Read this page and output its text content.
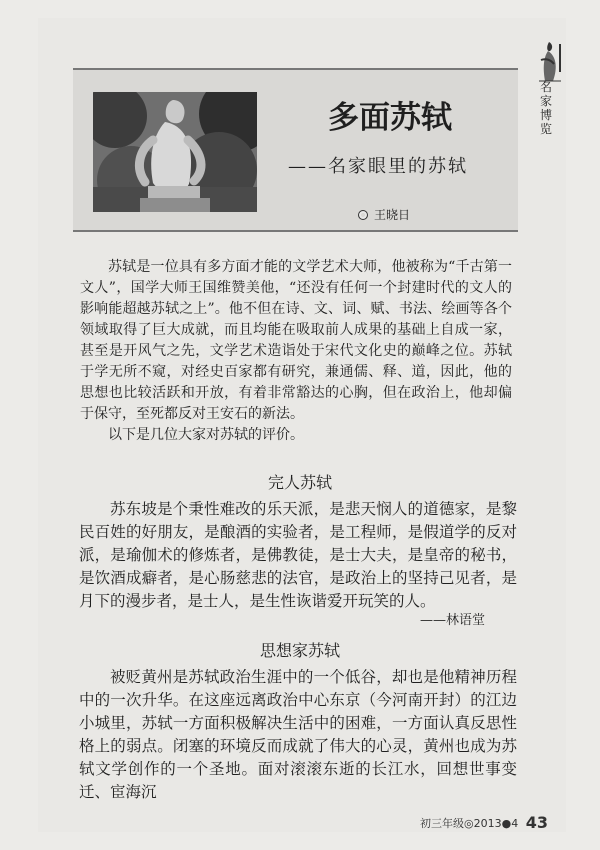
名家博览
多面苏轼
——名家眼里的苏轼
王晓日

苏轼是一位具有多方面才能的文学艺术大师，他被称为“千古第一文人”，国学大师王国维赞美他，“还没有任何一个封建时代的文人的影响能超越苏轼之上”。他不但在诗、文、词、赋、书法、绘画等各个领域取得了巨大成就，而且均能在吸取前人成果的基础上自成一家，甚至是开风气之先，文学艺术造诣处于宋代文化史的巅峰之位。苏轼于学无所不窥，对经史百家都有研究，兼通儒、释、道，因此，他的思想也比较活跃和开放，有着非常豁达的心胸，但在政治上，他却偏于保守，至死都反对王安石的新法。

以下是几位大家对苏轼的评价。

完人苏轼

苏东坡是个秉性难改的乐天派，是悲天悯人的道德家，是黎民百姓的好朋友，是酿酒的实验者，是工程师，是假道学的反对派，是瑜伽术的修炼者，是佛教徒，是士大夫，是皇帝的秘书，是饮酒成癖者，是心肠慈悲的法官，是政治上的坚持己见者，是月下的漫步者，是士人，是生性诙谐爱开玩笑的人。

——林语堂
思想家苏轼

被贬黄州是苏轼政治生涯中的一个低谷，却也是他精神历程中的一次升华。在这座远离政治中心东京（今河南开封）的江边小城里，苏轼一方面积极解决生活中的困难，一方面认真反思性格上的弱点。闭塞的环境反而成就了伟大的心灵，黄州也成为苏轼文学创作的一个圣地。面对滚滚东逝的长江水，回想世事变迁、宦海沉

初三年级◎2013●4 43
